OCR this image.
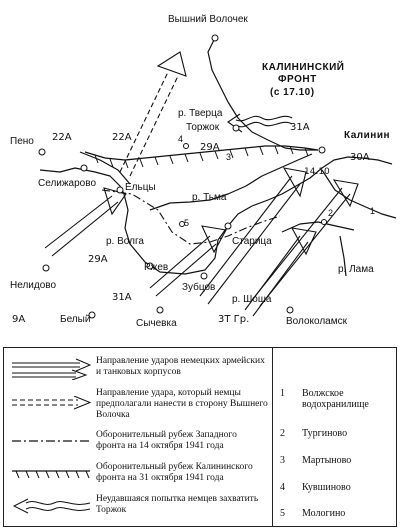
КАЛИНИНСКИЙ
ФРОНТ
(с 17.10)
Вышний Волочек
р. Тверца
Торжок
Калинин
Пено
Селижарово	Ельцы
р. Тьма
Старица
р. Волга
Нелидово
Ржев
Зубцов
р. Шоша
р. Лама
Белый	Сычевка	Волоколамск
22А	22А
29А
29А
31А
31А
30А
9А	3Т Гр.
14.10
1
2
3
4
5
Направление ударов немецких армейских и танковых корпусов
Направление удара, который немцы предполагали нанести в сторону Вышнего Волочка
Оборонительный рубеж Западного фронта на 14 октября 1941 года
Оборонительный рубеж Калининского фронта на 31 октября 1941 года
Неудавшаяся попытка немцев захватить Торжок
1	Волжское водохранилище
2	Тургиново
3	Мартыново
4	Кувшиново
5	Мологино
